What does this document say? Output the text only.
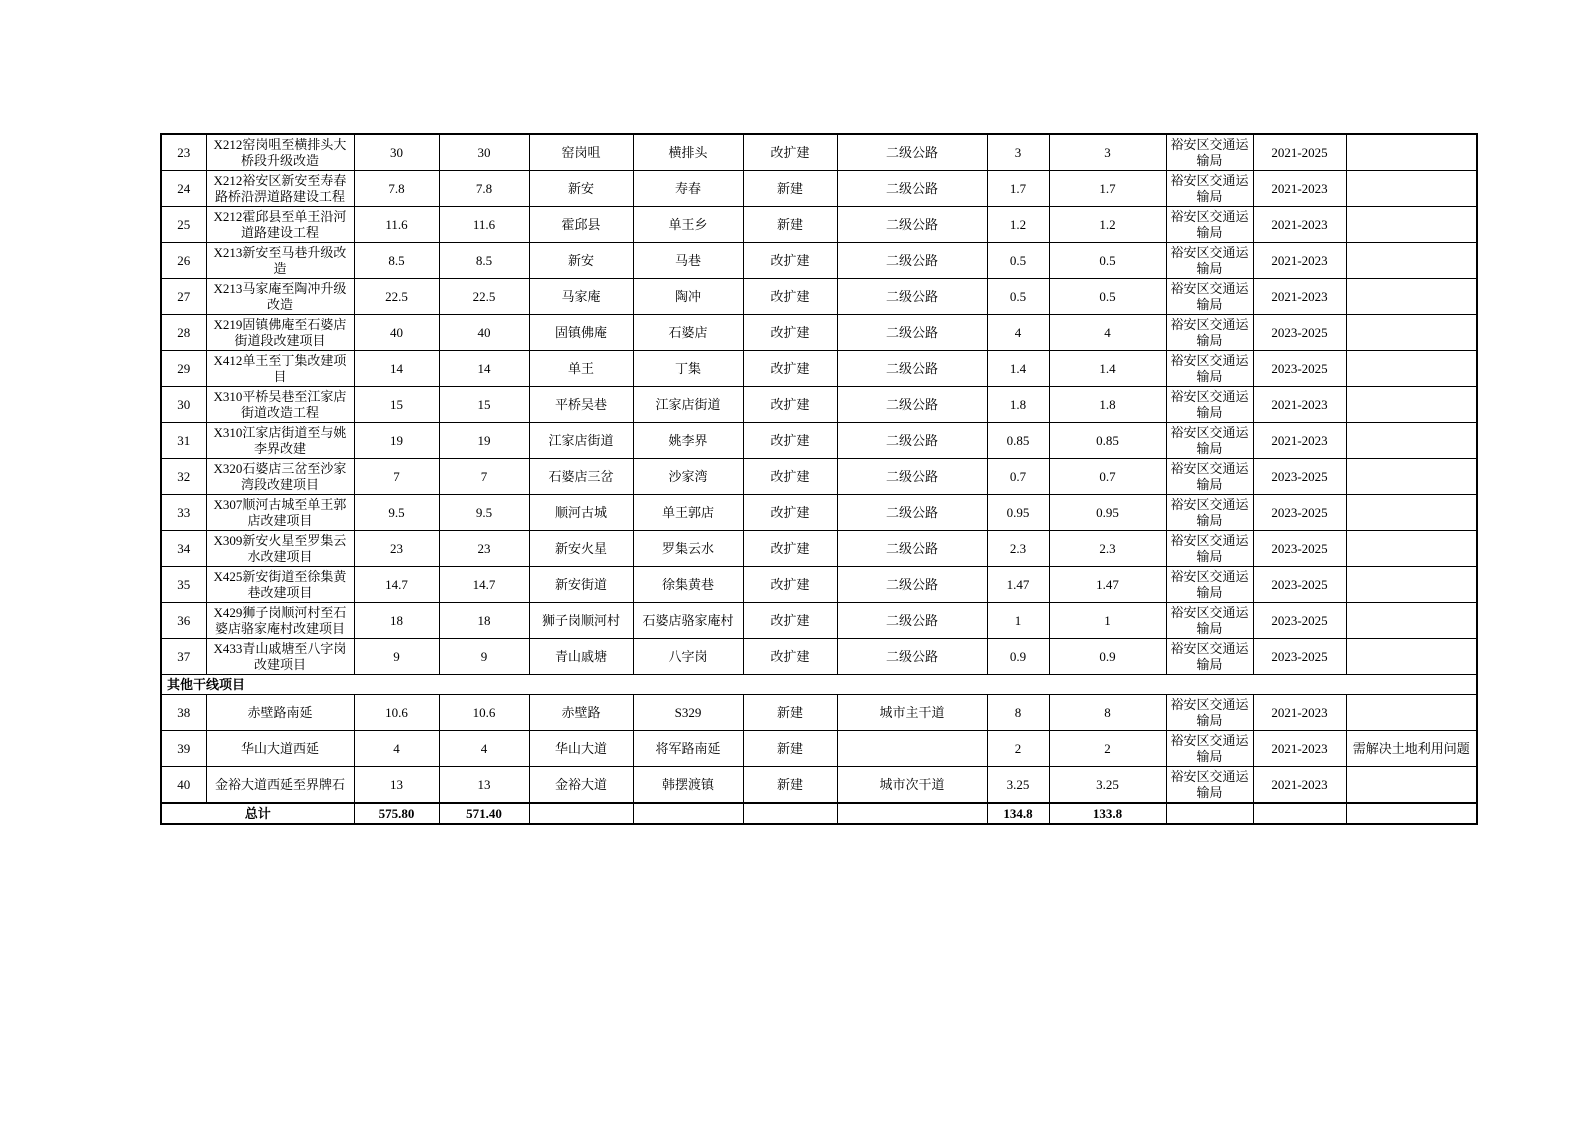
23	X212窑岗咀至横排头大桥段升级改造	30	30	窑岗咀	横排头	改扩建	二级公路	3	3	裕安区交通运输局	2021-2025	
24	X212裕安区新安至寿春路桥沿淠道路建设工程	7.8	7.8	新安	寿春	新建	二级公路	1.7	1.7	裕安区交通运输局	2021-2023	
25	X212霍邱县至单王沿河道路建设工程	11.6	11.6	霍邱县	单王乡	新建	二级公路	1.2	1.2	裕安区交通运输局	2021-2023	
26	X213新安至马巷升级改造	8.5	8.5	新安	马巷	改扩建	二级公路	0.5	0.5	裕安区交通运输局	2021-2023	
27	X213马家庵至陶冲升级改造	22.5	22.5	马家庵	陶冲	改扩建	二级公路	0.5	0.5	裕安区交通运输局	2021-2023	
28	X219固镇佛庵至石婆店街道段改建项目	40	40	固镇佛庵	石婆店	改扩建	二级公路	4	4	裕安区交通运输局	2023-2025	
29	X412单王至丁集改建项目	14	14	单王	丁集	改扩建	二级公路	1.4	1.4	裕安区交通运输局	2023-2025	
30	X310平桥吴巷至江家店街道改造工程	15	15	平桥吴巷	江家店街道	改扩建	二级公路	1.8	1.8	裕安区交通运输局	2021-2023	
31	X310江家店街道至与姚李界改建	19	19	江家店街道	姚李界	改扩建	二级公路	0.85	0.85	裕安区交通运输局	2021-2023	
32	X320石婆店三岔至沙家湾段改建项目	7	7	石婆店三岔	沙家湾	改扩建	二级公路	0.7	0.7	裕安区交通运输局	2023-2025	
33	X307顺河古城至单王郭店改建项目	9.5	9.5	顺河古城	单王郭店	改扩建	二级公路	0.95	0.95	裕安区交通运输局	2023-2025	
34	X309新安火星至罗集云水改建项目	23	23	新安火星	罗集云水	改扩建	二级公路	2.3	2.3	裕安区交通运输局	2023-2025	
35	X425新安街道至徐集黄巷改建项目	14.7	14.7	新安街道	徐集黄巷	改扩建	二级公路	1.47	1.47	裕安区交通运输局	2023-2025	
36	X429狮子岗顺河村至石婆店骆家庵村改建项目	18	18	狮子岗顺河村	石婆店骆家庵村	改扩建	二级公路	1	1	裕安区交通运输局	2023-2025	
37	X433青山戚塘至八字岗改建项目	9	9	青山戚塘	八字岗	改扩建	二级公路	0.9	0.9	裕安区交通运输局	2023-2025	
其他干线项目												
38	赤壁路南延	10.6	10.6	赤壁路	S329	新建	城市主干道	8	8	裕安区交通运输局	2021-2023	
39	华山大道西延	4	4	华山大道	将军路南延	新建		2	2	裕安区交通运输局	2021-2023	需解决土地利用问题
40	金裕大道西延至界牌石	13	13	金裕大道	韩摆渡镇	新建	城市次干道	3.25	3.25	裕安区交通运输局	2021-2023	
总计		575.80	571.40					134.8	133.8			
